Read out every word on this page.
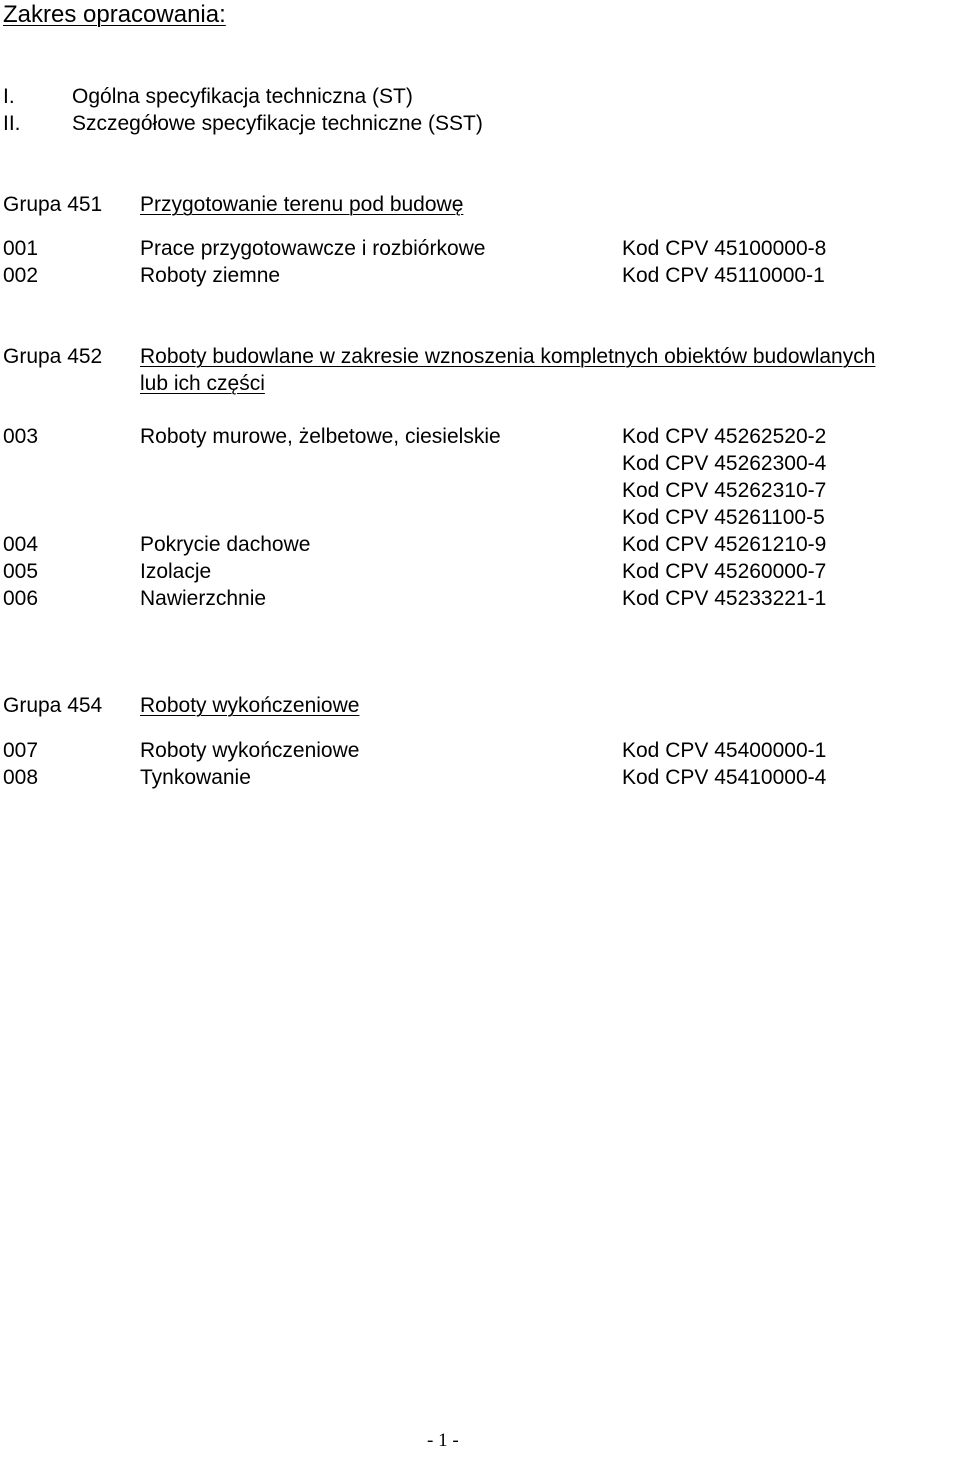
Zakres opracowania:
I.	Ogólna specyfikacja techniczna (ST)
II. Szczegółowe specyfikacje techniczne (SST)
Grupa 451 Przygotowanie terenu pod budowę
001	Prace przygotowawcze i rozbiórkowe	Kod CPV 45100000-8
002	Roboty ziemne	Kod CPV 45110000-1
Grupa 452 Roboty budowlane w zakresie wznoszenia kompletnych obiektów budowlanych
lub ich części
003	Roboty murowe, żelbetowe, ciesielskie	Kod CPV 45262520-2
Kod CPV 45262300-4
Kod CPV 45262310-7
Kod CPV 45261100-5
004	Pokrycie dachowe	Kod CPV 45261210-9
005	Izolacje	Kod CPV 45260000-7
006	Nawierzchnie	Kod CPV 45233221-1
Grupa 454 Roboty wykończeniowe
007	Roboty wykończeniowe	Kod CPV 45400000-1
008	Tynkowanie	Kod CPV 45410000-4
- 1 -
